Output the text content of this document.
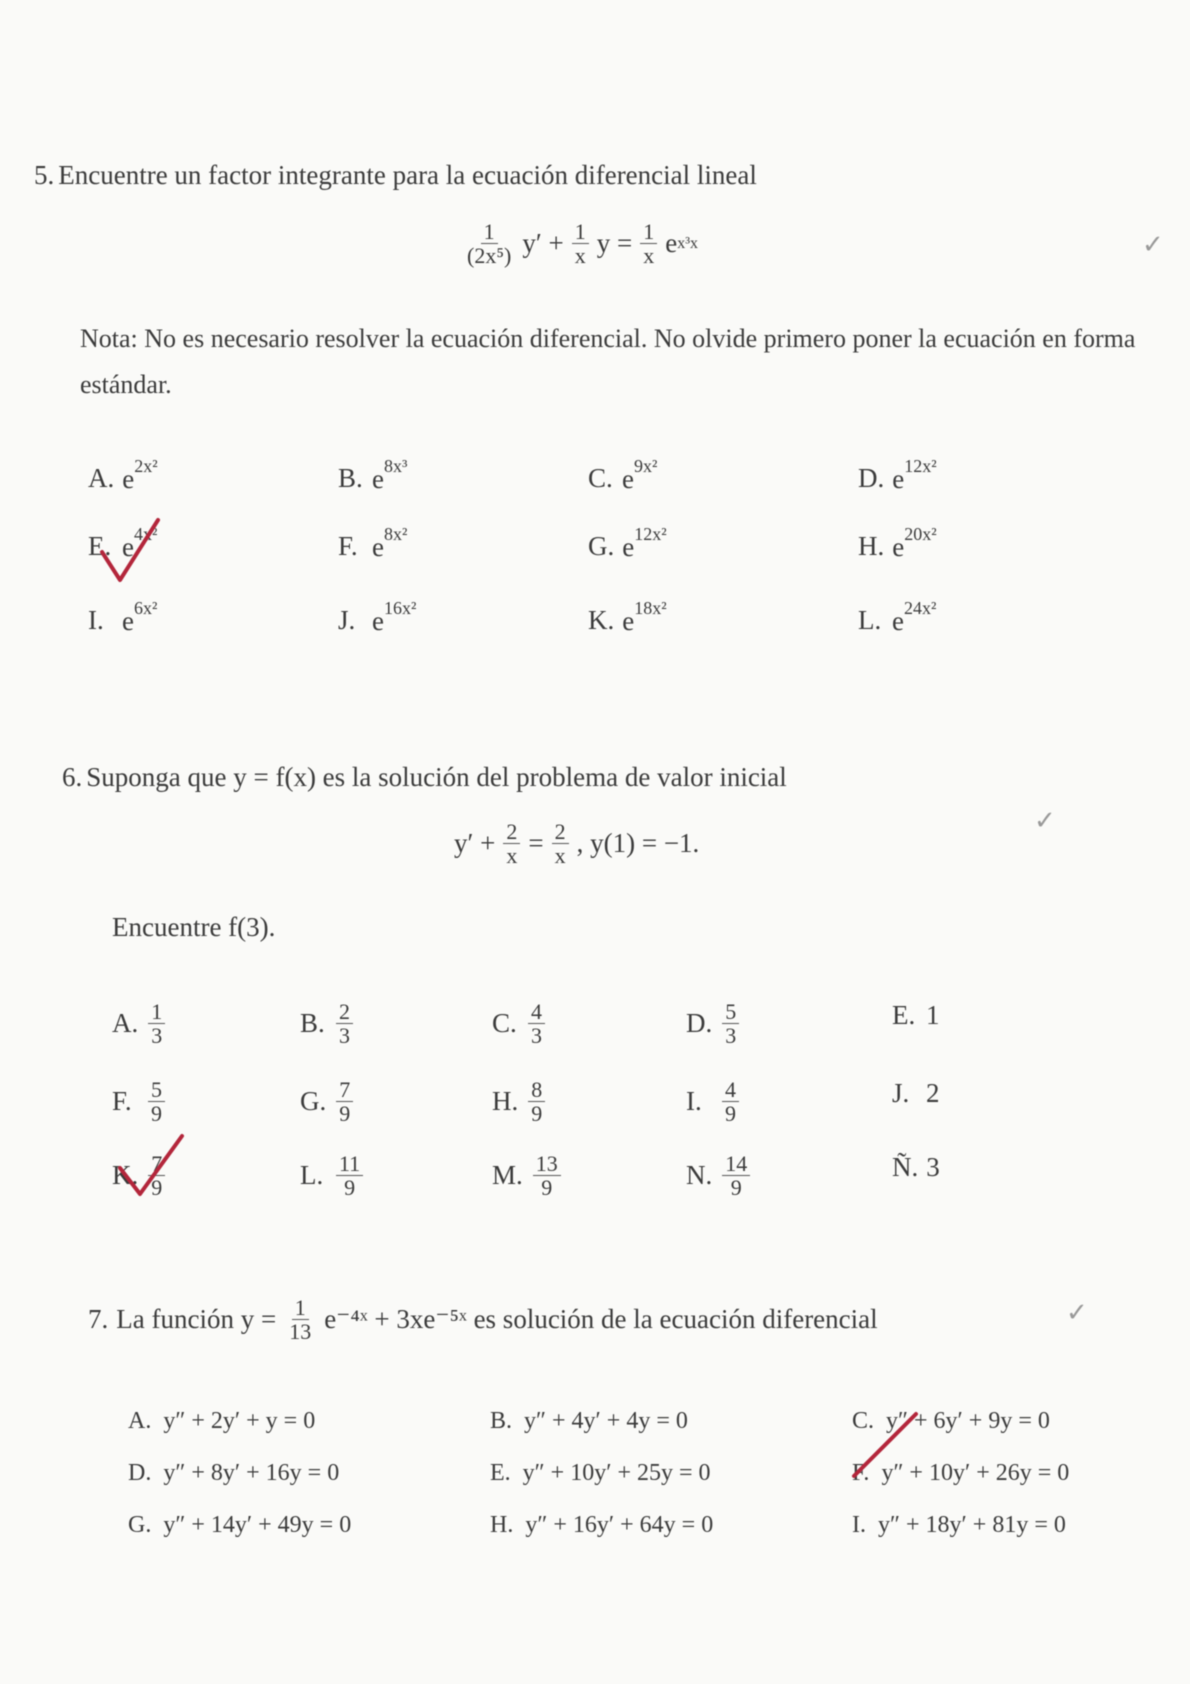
5. Encuentre un factor integrante para la ecuación diferencial lineal
$\frac{1}{\text{(2x⁵)}} y' + \frac{1}{x}$ $y = \frac{1}{x}$ e x³x	✓
Nota: No es necesario resolver la ecuación diferencial. No olvide primero poner la ecuación en forma estándar.
A. $e^{2x^2}$	B. $e^{8x^3}$	C. $e^{9x^2}$	D. $e^{12x^2}$
E. $e^{4x^2}$	F. $e^{8x^2}$	G. $e^{12x^2}$	H. $e^{20x^2}$
I. $e^{6x^2}$	J. $e^{16x^2}$	K. $e^{18x^2}$	L. $e^{24x^2}$
6. Suponga que y = f(x) es la solución del problema de valor inicial
$y' + \frac{2}{x} = \frac{2}{x}$ , y(1) = −1.
✓
Encuentre f(3).
A. $\frac{1}{3}$	B. $\frac{2}{3}$	C. $\frac{4}{3}$	D. $\frac{5}{3}$	E. 1
F. $\frac{5}{9}$	G. $\frac{7}{9}$	H. $\frac{8}{9}$	I. $\frac{4}{9}$	J. 2
K. $\frac{7}{9}$	L. $\frac{11}{9}$	M. $\frac{13}{9}$	N. $\frac{14}{9}$	Ñ. 3
7. La función $y = \frac{1}{13}$ e⁻⁴ˣ + 3xe⁻⁵ˣ es solución de la ecuación diferencial	✓
A. y″ + 2y′ + y = 0	B. y″ + 4y′ + 4y = 0	C. y″ + 6y′ + 9y = 0
D. y″ + 8y′ + 16y = 0	E. y″ + 10y′ + 25y = 0	F. y″ + 10y′ + 26y = 0
G. y″ + 14y′ + 49y = 0	H. y″ + 16y′ + 64y = 0	I. y″ + 18y′ + 81y = 0
